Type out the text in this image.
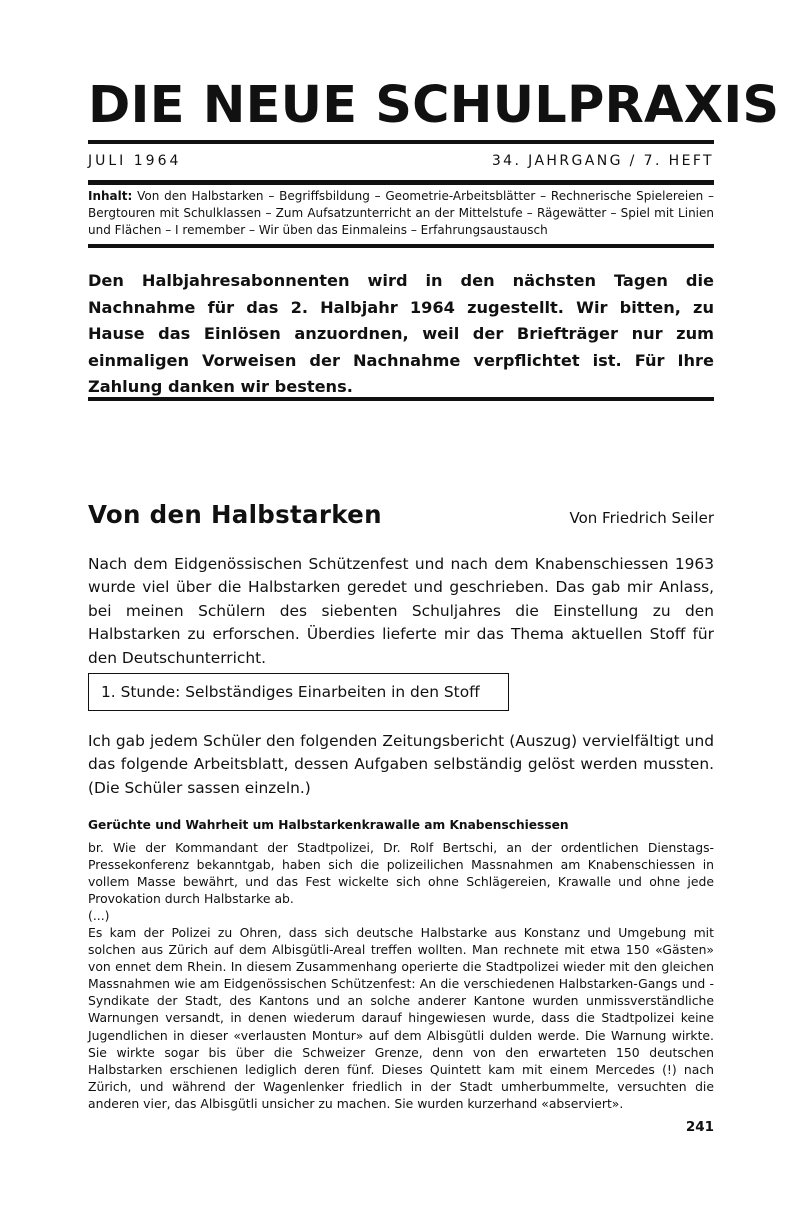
DIE NEUE SCHULPRAXIS
JULI 1964	34. JAHRGANG / 7. HEFT
Inhalt: Von den Halbstarken – Begriffsbildung – Geometrie-Arbeitsblätter – Rechnerische Spielereien – Bergtouren mit Schulklassen – Zum Aufsatzunterricht an der Mittelstufe – Rägewätter – Spiel mit Linien und Flächen – I remember – Wir üben das Einmaleins – Erfahrungsaustausch
Den Halbjahresabonnenten wird in den nächsten Tagen die Nachnahme für das 2. Halbjahr 1964 zugestellt. Wir bitten, zu Hause das Einlösen anzuordnen, weil der Briefträger nur zum einmaligen Vorweisen der Nachnahme verpflichtet ist. Für Ihre Zahlung danken wir bestens.
Von den Halbstarken	Von Friedrich Seiler
Nach dem Eidgenössischen Schützenfest und nach dem Knabenschiessen 1963 wurde viel über die Halbstarken geredet und geschrieben. Das gab mir Anlass, bei meinen Schülern des siebenten Schuljahres die Einstellung zu den Halbstarken zu erforschen. Überdies lieferte mir das Thema aktuellen Stoff für den Deutschunterricht.
1. Stunde: Selbständiges Einarbeiten in den Stoff
Ich gab jedem Schüler den folgenden Zeitungsbericht (Auszug) vervielfältigt und das folgende Arbeitsblatt, dessen Aufgaben selbständig gelöst werden mussten. (Die Schüler sassen einzeln.)
Gerüchte und Wahrheit um Halbstarkenkrawalle am Knabenschiessen

br. Wie der Kommandant der Stadtpolizei, Dr. Rolf Bertschi, an der ordentlichen Dienstags-Pressekonferenz bekanntgab, haben sich die polizeilichen Massnahmen am Knabenschiessen in vollem Masse bewährt, und das Fest wickelte sich ohne Schlägereien, Krawalle und ohne jede Provokation durch Halbstarke ab.

(...)

Es kam der Polizei zu Ohren, dass sich deutsche Halbstarke aus Konstanz und Umgebung mit solchen aus Zürich auf dem Albisgütli-Areal treffen wollten. Man rechnete mit etwa 150 «Gästen» von ennet dem Rhein. In diesem Zusammenhang operierte die Stadtpolizei wieder mit den gleichen Massnahmen wie am Eidgenössischen Schützenfest: An die verschiedenen Halbstarken-Gangs und -Syndikate der Stadt, des Kantons und an solche anderer Kantone wurden unmissverständliche Warnungen versandt, in denen wiederum darauf hingewiesen wurde, dass die Stadtpolizei keine Jugendlichen in dieser «verlausten Montur» auf dem Albisgütli dulden werde. Die Warnung wirkte. Sie wirkte sogar bis über die Schweizer Grenze, denn von den erwarteten 150 deutschen Halbstarken erschienen lediglich deren fünf. Dieses Quintett kam mit einem Mercedes (!) nach Zürich, und während der Wagenlenker friedlich in der Stadt umherbummelte, versuchten die anderen vier, das Albisgütli unsicher zu machen. Sie wurden kurzerhand «abserviert».

241
